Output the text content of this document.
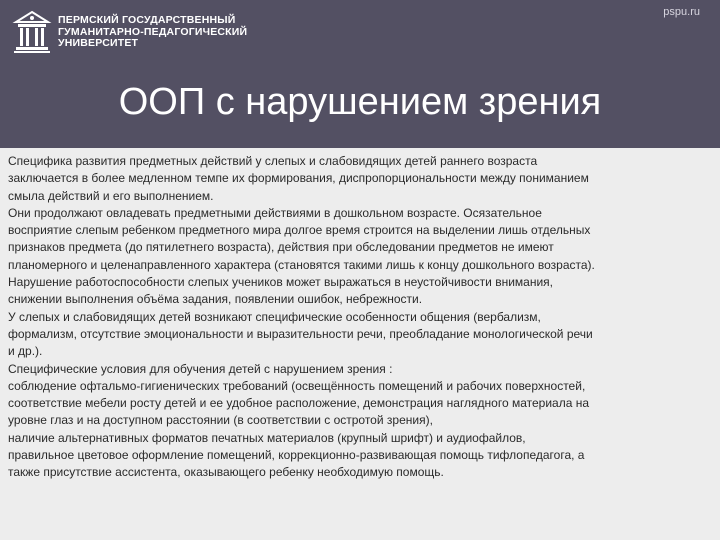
ПЕРМСКИЙ ГОСУДАРСТВЕННЫЙ
ГУМАНИТАРНО-ПЕДАГОГИЧЕСКИЙ
УНИВЕРСИТЕТ
pspu.ru
ООП с нарушением зрения

Специфика развития предметных действий у слепых и слабовидящих детей раннего возраста

заключается в более медленном темпе их формирования, диспропорциональности между пониманием

смыла действий и его выполнением.

Они продолжают овладевать предметными действиями в дошкольном возрасте. Осязательное

восприятие слепым ребенком предметного мира долгое время строится на выделении лишь отдельных

признаков предмета (до пятилетнего возраста), действия при обследовании предметов не имеют

планомерного и целенаправленного характера (становятся такими лишь к концу дошкольного возраста).

Нарушение работоспособности слепых учеников может выражаться в неустойчивости внимания,

снижении выполнения объёма задания, появлении ошибок, небрежности.

У слепых и слабовидящих детей возникают специфические особенности общения (вербализм,

формализм, отсутствие эмоциональности и выразительности речи, преобладание монологической речи

и др.).

Специфические условия для обучения детей с нарушением зрения :

соблюдение офтальмо-гигиенических требований (освещённость помещений и рабочих поверхностей,

соответствие мебели росту детей и ее удобное расположение, демонстрация наглядного материала на

уровне глаз и на доступном расстоянии (в соответствии с остротой зрения),

наличие альтернативных форматов печатных материалов (крупный шрифт) и аудиофайлов,

правильное цветовое оформление помещений, коррекционно-развивающая помощь тифлопедагога, а

также присутствие ассистента, оказывающего ребенку необходимую помощь.
